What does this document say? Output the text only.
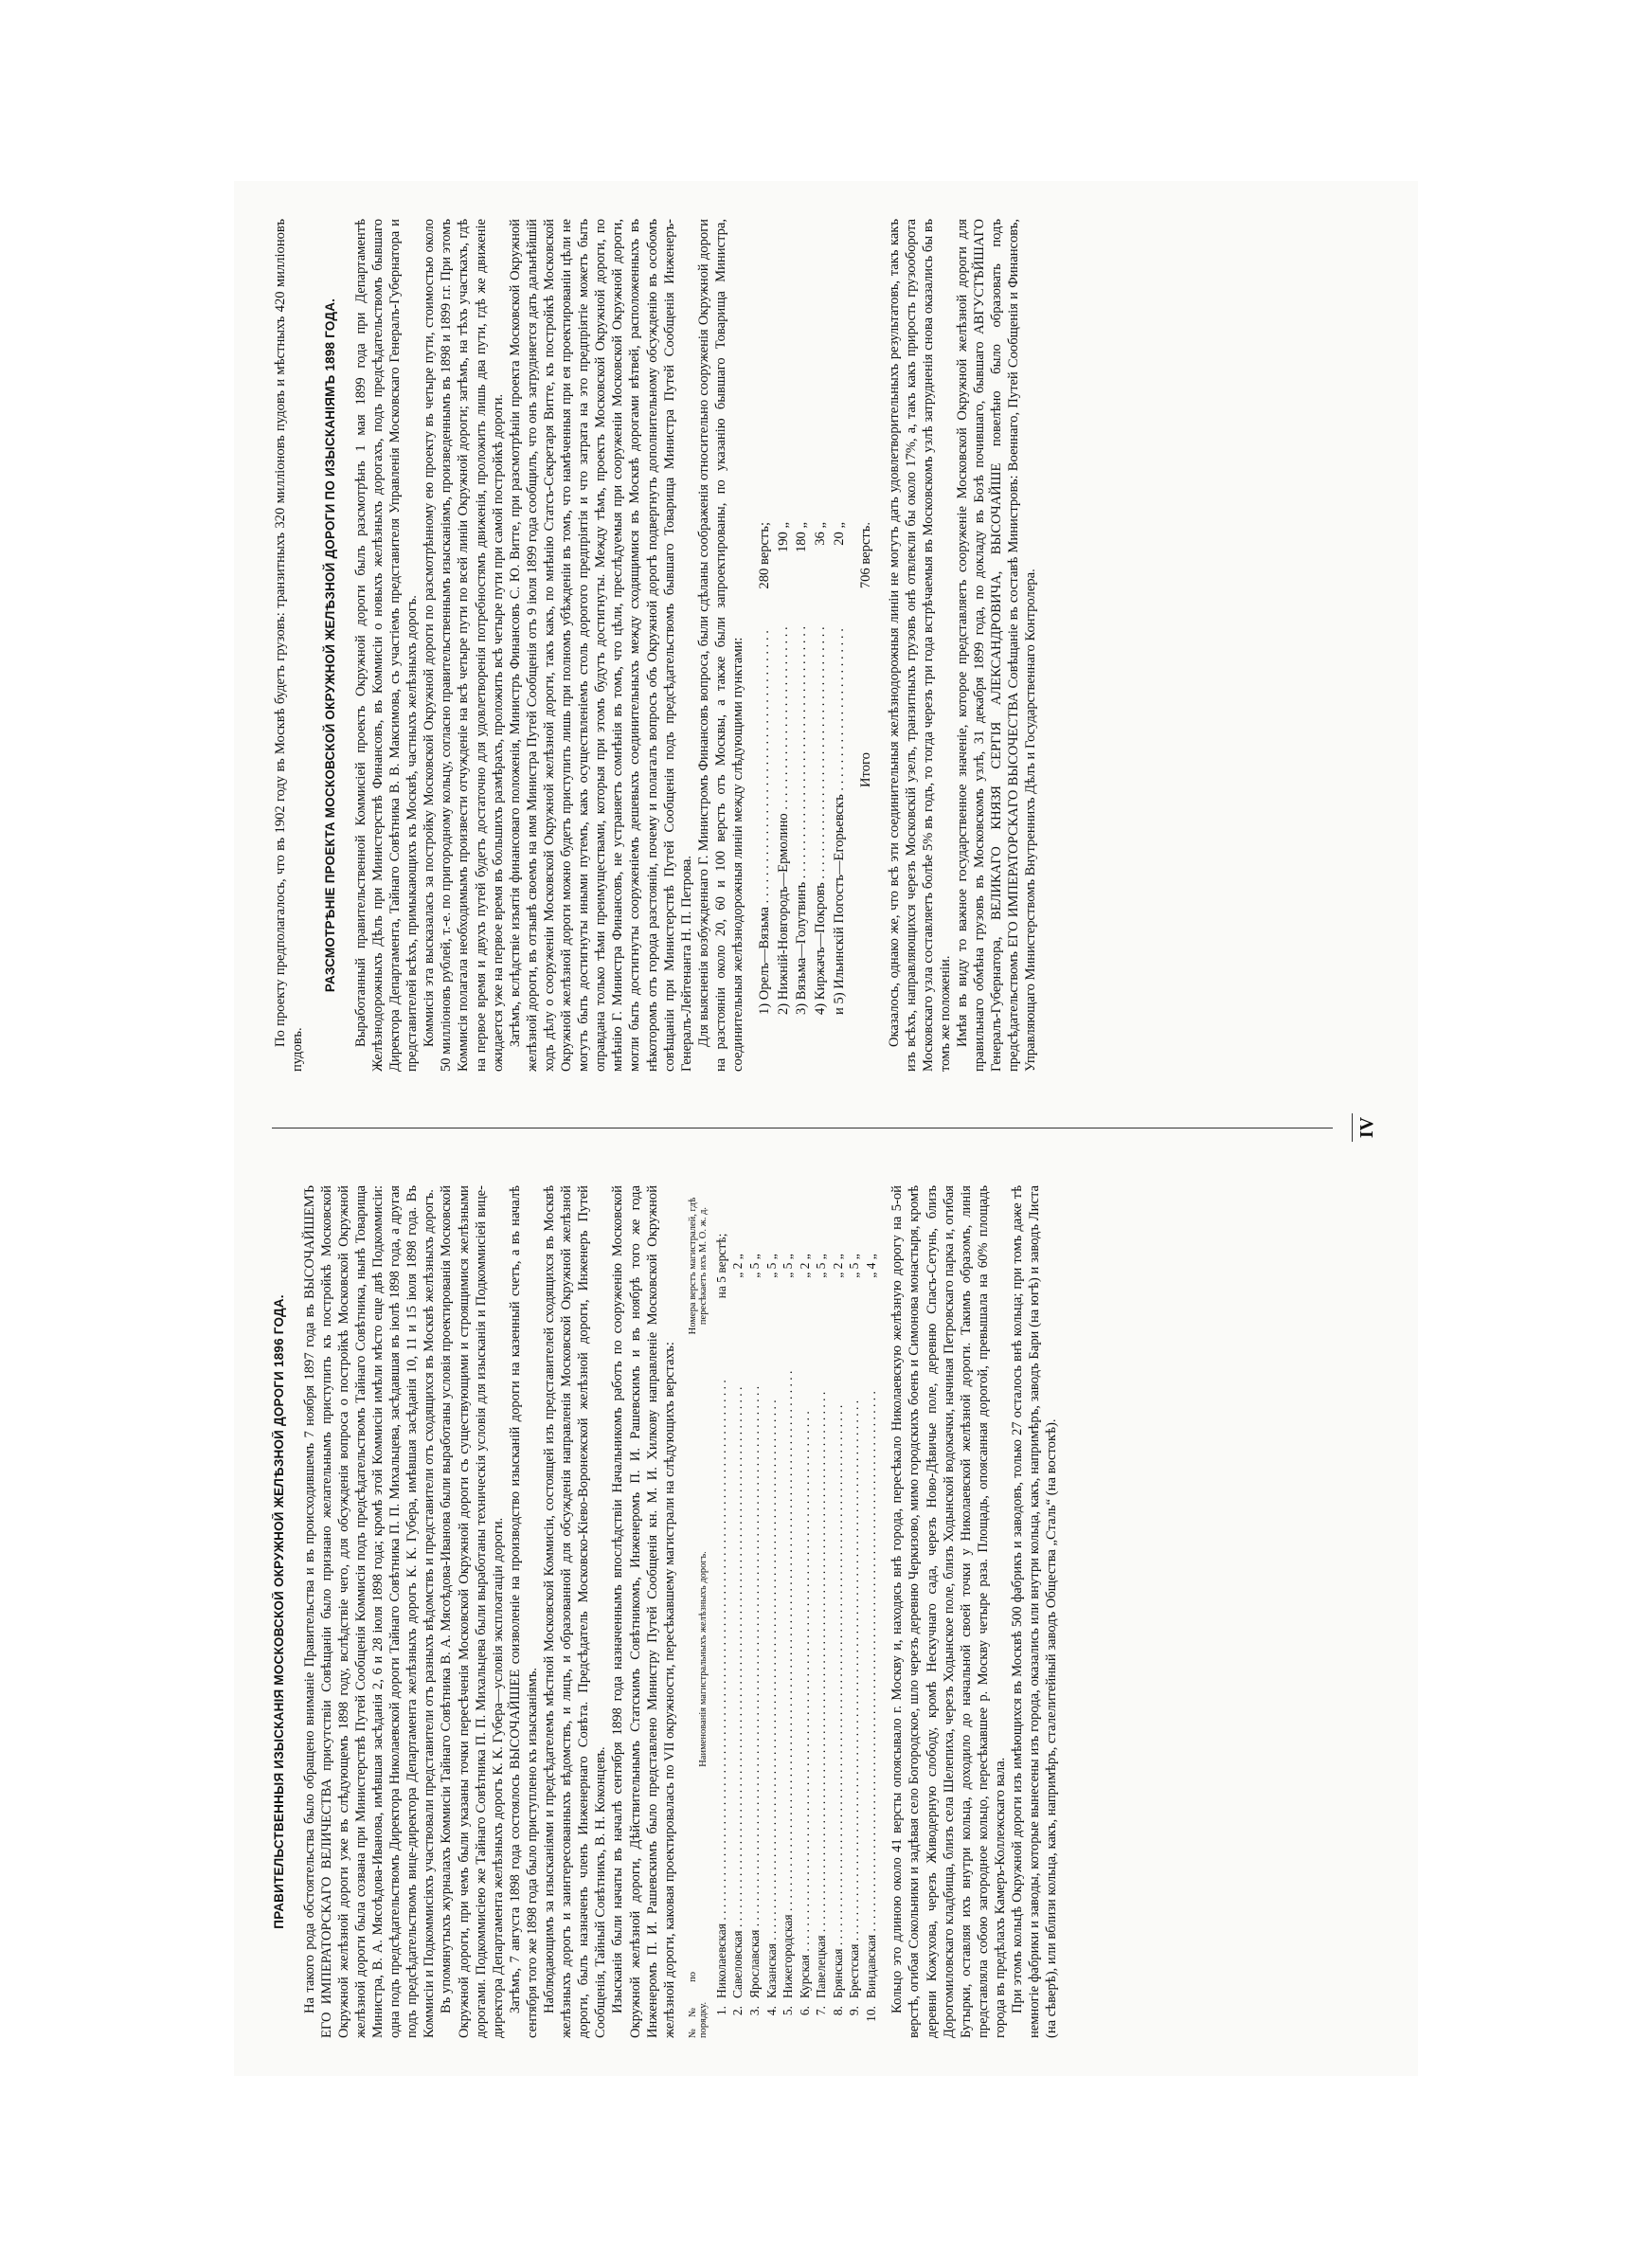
ПРАВИТЕЛЬСТВЕННЫЯ ИЗЫСКАНІЯ МОСКОВСКОЙ ОКРУЖНОЙ ЖЕЛѢЗНОЙ ДОРОГИ 1896 ГОДА. На такого рода обстоятельства было обращено вниманіе Правительства и въ происходившемъ 7 ноября 1897 года въ ВЫСОЧАЙШЕМЪ ЕГО ИМПЕРАТОРСКАГО ВЕЛИЧЕСТВА присутствіи Совѣщаніи было признано желательнымъ приступить къ постройкѣ Московской Окружной желѣзной дороги уже въ слѣдующемъ 1898 году, вслѣдствіе чего, для обсужденія вопроса о постройкѣ Московской Окружной желѣзной дороги была созвана при Министерствѣ Путей Сообщенія Коммисія подъ предсѣдательствомъ Тайнаго Совѣтника, нынѣ Товарища Министра, В. А. Мясоѣдова-Иванова, имѣвшая засѣданія 2, 6 и 28 іюля 1898 года; кромѣ этой Коммисіи имѣли мѣсто еще двѣ Подкоммисіи: одна подъ предсѣдательствомъ Директора Николаевской дороги Тайнаго Совѣтника П. П. Михальцева, засѣдавшая въ іюлѣ 1898 года, а другая подъ предсѣдательствомъ вице-директора Департамента желѣзныхъ дорогъ К. К. Губера, имѣвшая засѣданія 10, 11 и 15 іюля 1898 года. Въ Коммисіи и Подкоммисіяхъ участвовали представители отъ разныхъ вѣдомствъ и представители отъ сходящихся въ Москвѣ желѣзныхъ дорогъ. Въ упомянутыхъ журналахъ Коммисіи Тайнаго Совѣтника В. А. Мясоѣдова-Иванова были выработаны условія проектированія Московской Окружной дороги, при чемъ были указаны точки пересѣченія Московской Окружной дороги съ существующими и строящимися желѣзными дорогами. Подкоммисіею же Тайнаго Совѣтника П. П. Михальцева были выработаны техническія условія для изысканія и Подкоммисіей вице-директора Департамента желѣзныхъ дорогъ К. К. Губера—условія эксплоатаціи дороги. Затѣмъ, 7 августа 1898 года состоялось ВЫСОЧАЙШЕЕ соизволеніе на производство изысканій дороги на казенный счетъ, а въ началѣ сентября того же 1898 года было приступлено къ изысканіямъ. Наблюдающимъ за изысканіями и предсѣдателемъ мѣстной Московской Коммисіи, состоящей изъ представителей сходящихся въ Москвѣ желѣзныхъ дорогъ и заинтересованныхъ вѣдомствъ, и лицъ, и образованной для обсужденія направленія Московской Окружной желѣзной дороги, былъ назначенъ членъ Инженернаго Совѣта. Предсѣдатель Московско-Кіево-Воронежской желѣзной дороги, Инженеръ Путей Сообщенія, Тайный Совѣтникъ, В. Н. Коконцевъ. Изысканія были начаты въ началѣ сентября 1898 года назначеннымъ впослѣдствіи Начальникомъ работъ по сооруженію Московской Окружной желѣзной дороги, Дѣйствительнымъ Статскимъ Совѣтникомъ, Инженеромъ П. И. Рашевскимъ и въ ноябрѣ того же года Инженеромъ П. И. Рашевскимъ было представлено Министру Путей Сообщенія кн. М. И. Хилкову направленіе Московской Окружной желѣзной дороги, каковая проектировалась по VII окружности, пересѣкавшему магистрали на слѣдующихъ верстахъ: №№ по порядку.
Наименованія магистральныхъ желѣзныхъ дорогъ.
Номера верстъ магистралей, гдѣ пересѣкаетъ ихъ М. О. ж. д.
1.
Николаевская . . .
на 5 верстѣ;
2.
Савеловская . . .
„ 2 „
3.
Ярославская . . .
„ 5 „
4.
Казанская . . .
„ 5 „
5.
Нижегородская . . .
„ 5 „
6.
Курская . . .
„ 2 „
7.
Павелецкая . . .
„ 5 „
8.
Брянская . . .
„ 2 „
9.
Брестская . . .
„ 5 „
10.
Виндавская . . .
„ 4 „ Кольцо это длиною около 41 версты опоясывало г. Москву и, находясь внѣ города, пересѣкало Николаевскую желѣзную дорогу на 5-ой верстѣ, огибая Сокольники и задѣвая село Богородское, шло черезъ деревню Черкизово, мимо городскихъ боенъ и Симонова монастыря, кромѣ деревни Кожухова, черезъ Живодерную слободу, кромѣ Нескучнаго сада, черезъ Ново-Дѣвичье поле, деревню Спасъ-Сетунь, близъ Дорогомиловскаго кладбища, близъ села Шелепиха, черезъ Ходынское поле, близъ Ходынской водокачки, начиная Петровскаго парка и, огибая Бутырки, оставляя ихъ внутри кольца, доходило до начальной своей точки у Николаевской желѣзной дороги. Такимъ образомъ, линія представляла собою загородное кольцо, пересѣкавшее р. Москву четыре раза. Площадь, опоясанная дорогой, превышала на 60% площадь города въ предѣлахъ Камеръ-Коллежскаго вала. При этомъ кольцѣ Окружной дороги изъ имѣющихся въ Москвѣ 500 фабрикъ и заводовъ, только 27 осталось внѣ кольца; при томъ даже тѣ немногіе фабрики и заводы, которые вынесены изъ города, оказались или внутри кольца, какъ, напримѣръ, заводъ Бари (на югѣ) и заводъ Листа (на сѣверѣ), или вблизи кольца, какъ, напримѣръ, сталелитейный заводъ Общества „Сталь“ (на востокѣ).

IV

По проекту предполагалось, что въ 1902 году въ Москвѣ будетъ грузовъ: транзитныхъ 320 милліоновъ пудовъ и мѣстныхъ 420 милліоновъ пудовъ.

РАЗСМОТРѢНІЕ ПРОЕКТА МОСКОВСКОЙ ОКРУЖНОЙ ЖЕЛѢЗНОЙ ДОРОГИ ПО ИЗЫСКАНІЯМЪ 1898 ГОДА. Выработанный правительственной Коммисіей проектъ Окружной дороги былъ разсмотрѣнъ 1 мая 1899 года при Департаментѣ Желѣзнодорожныхъ Дѣлъ при Министерствѣ Финансовъ, въ Коммисіи о новыхъ желѣзныхъ дорогахъ, подъ предсѣдательствомъ бывшаго Директора Департамента, Тайнаго Совѣтника В. В. Максимова, съ участіемъ представителя Управленія Московскаго Генералъ-Губернатора и представителей всѣхъ, примыкающихъ къ Москвѣ, частныхъ желѣзныхъ дорогъ. Коммисія эта высказалась за постройку Московской Окружной дороги по разсмотрѣнному ею проекту въ четыре пути, стоимостью около 50 милліоновъ рублей, т.-е. по пригородному кольцу, согласно правительственнымъ изысканіямъ, произведеннымъ въ 1898 и 1899 г.г. При этомъ Коммисія полагала необходимымъ произвести отчужденіе на всѣ четыре пути по всей линіи Окружной дороги; затѣмъ, на тѣхъ участкахъ, гдѣ на первое время и двухъ путей будетъ достаточно для удовлетворенія потребностямъ движенія, проложить лишь два пути, гдѣ же движеніе ожидается уже на первое время въ большихъ размѣрахъ, проложить всѣ четыре пути при самой постройкѣ дороги. Затѣмъ, вслѣдствіе изъятія финансоваго положенія, Министръ Финансовъ С. Ю. Витте, при разсмотрѣніи проекта Московской Окружной желѣзной дороги, въ отзывѣ своемъ на имя Министра Путей Сообщенія отъ 9 іюля 1899 года сообщилъ, что онъ затрудняется дать дальнѣйшій ходъ дѣлу о сооруженіи Московской Окружной желѣзной дороги, такъ какъ, по мнѣнію Статсъ-Секретаря Витте, къ постройкѣ Московской Окружной желѣзной дороги можно будетъ приступить лишь при полномъ убѣжденіи въ томъ, что намѣченныя при ея проектированіи цѣли не могутъ быть достигнуты иными путемъ, какъ осуществленіемъ столь дорогого предпріятія и что затрата на это предпріятіе можетъ быть оправдана только тѣми преимуществами, которыя при этомъ будутъ достигнуты. Между тѣмъ, проектъ Московской Окружной дороги, по мнѣнію Г. Министра Финансовъ, не устраняетъ сомнѣнія въ томъ, что цѣли, преслѣдуемыя при сооруженіи Московской Окружной дороги, могли быть достигнуты сооруженіемъ дешевыхъ соединительныхъ между сходящимися въ Москвѣ дорогами вѣтвей, расположенныхъ въ нѣкоторомъ отъ города разстояніи, почему и полагалъ вопросъ объ Окружной дорогѣ подвергнуть дополнительному обсужденію въ особомъ совѣщаніи при Министерствѣ Путей Сообщенія подъ предсѣдательствомъ бывшаго Товарища Министра Путей Сообщенія Инженеръ-Генералъ-Лейтенанта Н. П. Петрова. Для выясненія возбужденнаго Г. Министромъ Финансовъ вопроса, были сдѣланы соображенія относительно сооруженія Окружной дороги на разстояніи около 20, 60 и 100 верстъ отъ Москвы, а также были запроектированы, по указанію бывшаго Товарища Министра, соединительныя желѣзнодорожныя линіи между слѣдующими пунктами: 1) Орелъ—Вязьма . . .
280 верстъ;
2) Нижній-Новгородъ—Ермолино . . .
190 „
3) Вязьма—Голутвинъ . . .
180 „
4) Киржачъ—Покровъ . . .
36 „
и 5) Ильинскій Погостъ—Егорьевскъ . . .
20 „
Итого
706 верстъ. Оказалось, однако же, что всѣ эти соединительныя желѣзнодорожныя линіи не могутъ дать удовлетворительныхъ результатовъ, такъ какъ изъ всѣхъ, направляющихся черезъ Московскій узелъ, транзитныхъ грузовъ онѣ отвлекли бы около 17%, а, такъ какъ прирость грузооборота Московскаго узла составляетъ болѣе 5% въ годъ, то тогда черезъ три года встрѣчаемыя въ Московскомъ узлѣ затрудненія снова оказались бы въ томъ же положеніи. Имѣя въ виду то важное государственное значеніе, которое представляетъ сооруженіе Московской Окружной желѣзной дороги для правильнаго обмѣна грузовъ въ Московскомъ узлѣ, 31 декабря 1899 года, по докладу въ Бозѣ почившаго, бывшаго АВГУСТѢЙШАГО Генералъ-Губернатора, ВЕЛИКАГО КНЯЗЯ СЕРГІЯ АЛЕКСАНДРОВИЧА, ВЫСОЧАЙШЕ повелѣно было образовать подъ предсѣдательствомъ ЕГО ИМПЕРАТОРСКАГО ВЫСОЧЕСТВА Совѣщаніе въ составѣ Министровъ: Военнаго, Путей Сообщенія и Финансовъ, Управляющаго Министерствомъ Внутреннихъ Дѣлъ и Государственнаго Контролера.
